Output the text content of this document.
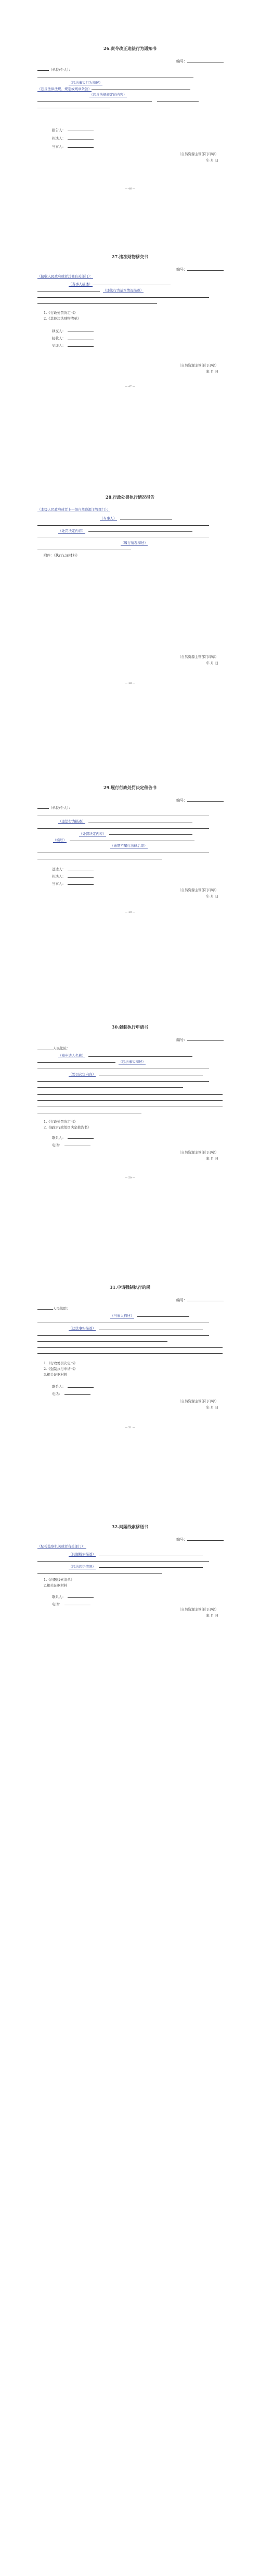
26.责令改正违法行为通知书
编号：
（单位/个人）：
（违法事实行为描述）
（违反法律法规、规定或规章条款）
（违反法规规定的内容）
报告人：
执法人：
当事人：
（自然资源主管部门印章）
年 月 日
— 46 —
27.违法财物移交书
编号：
（接收人民政府或者其他有关部门）：
（当事人描述）
（违法行为基本情况描述）
1.《行政处罚决定书》
2.《其他违法财物清单》
移交人：
接收人：
见证人：
（自然资源主管部门印章）
年 月 日
— 47 —
28.行政处罚执行情况报告
（本级人民政府或者上一级自然资源主管部门）：
（当事人）
（处罚决定内容）
（履行情况描述）
附件：《执行记录材料》
（自然资源主管部门印章）
年 月 日
— 48 —
29.履行行政处罚决定催告书
编号：
（单位/个人）：
（违法行为描述）
（处罚决定内容）
（编号）
（逾期不履行法律后果）
送达人：
执法人：
当事人：
（自然资源主管部门印章）
年 月 日
— 49 —
30.强制执行申请书
编号：
人民法院：
（被申请人名称）
（违法事实描述）
（处罚决定内容）
1.《行政处罚决定书》
2.《履行行政处罚决定催告书》
联系人：
电话：
（自然资源主管部门印章）
年 月 日
— 50 —
31.申请强制执行的函
编号：
人民法院：
（当事人描述）
（违法事实描述）
1.《行政处罚决定书》
2.《强制执行申请书》
3.相关证据材料
联系人：
电话：
（自然资源主管部门印章）
年 月 日
— 51 —
32.问题线索移送书
编号：
（纪检监察机关或者有关部门）：
（问题线索描述）
（违法违纪情况）
1.《问题线索清单》
2.相关证据材料
联系人：
电话：
（自然资源主管部门印章）
年 月 日
